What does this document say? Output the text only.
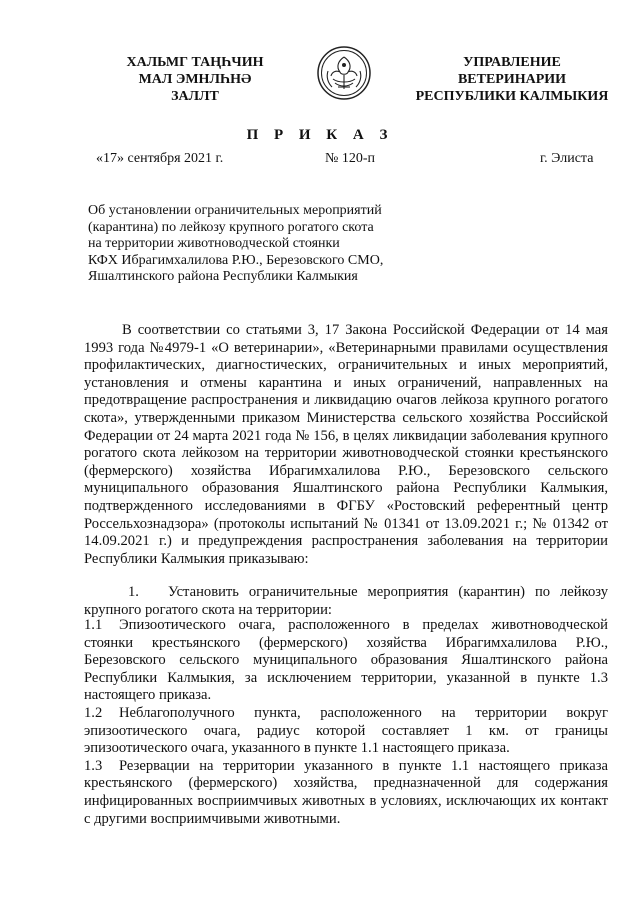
ХАЛЬМГ ТАҢҺЧИН
МАЛ ЭМНЛҺНӘ
ЗАЛЛТ
УПРАВЛЕНИЕ
ВЕТЕРИНАРИИ
РЕСПУБЛИКИ КАЛМЫКИЯ
П Р И К А З
«17» сентября 2021 г.	№ 120-п	г. Элиста
Об установлении ограничительных мероприятий
(карантина) по лейкозу крупного рогатого скота
на территории животноводческой стоянки
КФХ Ибрагимхалилова Р.Ю., Березовского СМО,
Яшалтинского района Республики Калмыкия
В соответствии со статьями 3, 17 Закона Российской Федерации от 14 мая 1993 года №4979-1 «О ветеринарии», «Ветеринарными правилами осуществления профилактических, диагностических, ограничительных и иных мероприятий, установления и отмены карантина и иных ограничений, направленных на предотвращение распространения и ликвидацию очагов лейкоза крупного рогатого скота», утвержденными приказом Министерства сельского хозяйства Российской Федерации от 24 марта 2021 года № 156, в целях ликвидации заболевания крупного рогатого скота лейкозом на территории животноводческой стоянки крестьянского (фермерского) хозяйства Ибрагимхалилова Р.Ю., Березовского сельского муниципального образования Яшалтинского района Республики Калмыкия, подтвержденного исследованиями в ФГБУ «Ростовский референтный центр Россельхознадзора» (протоколы испытаний № 01341 от 13.09.2021 г.; № 01342 от 14.09.2021 г.) и предупреждения распространения заболевания на территории Республики Калмыкия приказываю:
1. Установить ограничительные мероприятия (карантин) по лейкозу крупного рогатого скота на территории:

1.1 Эпизоотического очага, расположенного в пределах животноводческой стоянки крестьянского (фермерского) хозяйства Ибрагимхалилова Р.Ю., Березовского сельского муниципального образования Яшалтинского района Республики Калмыкия, за исключением территории, указанной в пункте 1.3 настоящего приказа.

1.2 Неблагополучного пункта, расположенного на территории вокруг эпизоотического очага, радиус которой составляет 1 км. от границы эпизоотического очага, указанного в пункте 1.1 настоящего приказа.

1.3 Резервации на территории указанного в пункте 1.1 настоящего приказа крестьянского (фермерского) хозяйства, предназначенной для содержания инфицированных восприимчивых животных в условиях, исключающих их контакт с другими восприимчивыми животными.
